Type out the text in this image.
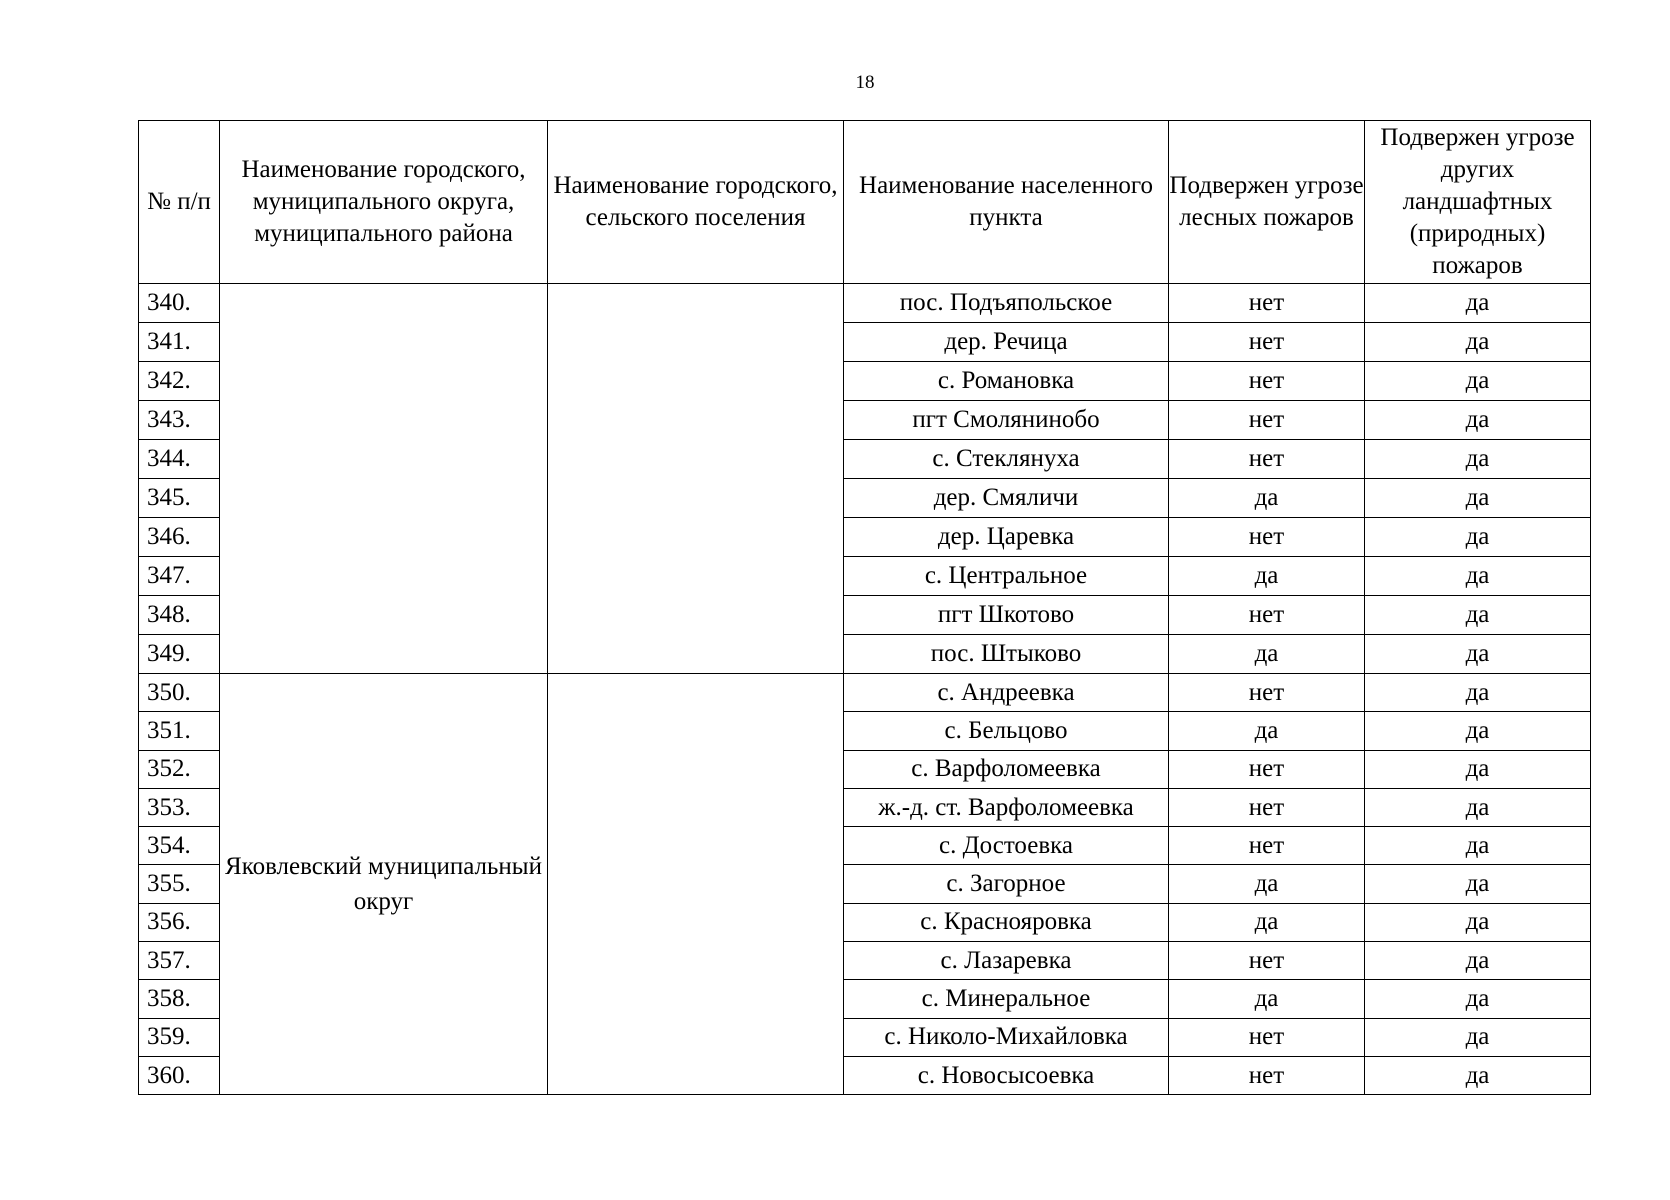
18
№ п/п	Наименование городского, муниципального округа, муниципального района	Наименование городского, сельского поселения	Наименование населенного пункта	Подвержен угрозе лесных пожаров	Подвержен угрозе других ландшафтных (природных) пожаров
340.			пос. Подъяпольское	нет	да
341.			дер. Речица	нет	да
342.			с. Романовка	нет	да
343.			пгт Смолянинобо	нет	да
344.			с. Стеклянуха	нет	да
345.			дер. Смяличи	да	да
346.			дер. Царевка	нет	да
347.			с. Центральное	да	да
348.			пгт Шкотово	нет	да
349.			пос. Штыково	да	да
350.	Яковлевский муниципальный округ		с. Андреевка	нет	да
351.			с. Бельцово	да	да
352.			с. Варфоломеевка	нет	да
353.			ж.-д. ст. Варфоломеевка	нет	да
354.			с. Достоевка	нет	да
355.			с. Загорное	да	да
356.			с. Краснояровка	да	да
357.			с. Лазаревка	нет	да
358.			с. Минеральное	да	да
359.			с. Николо-Михайловка	нет	да
360.			с. Новосысоевка	нет	да
